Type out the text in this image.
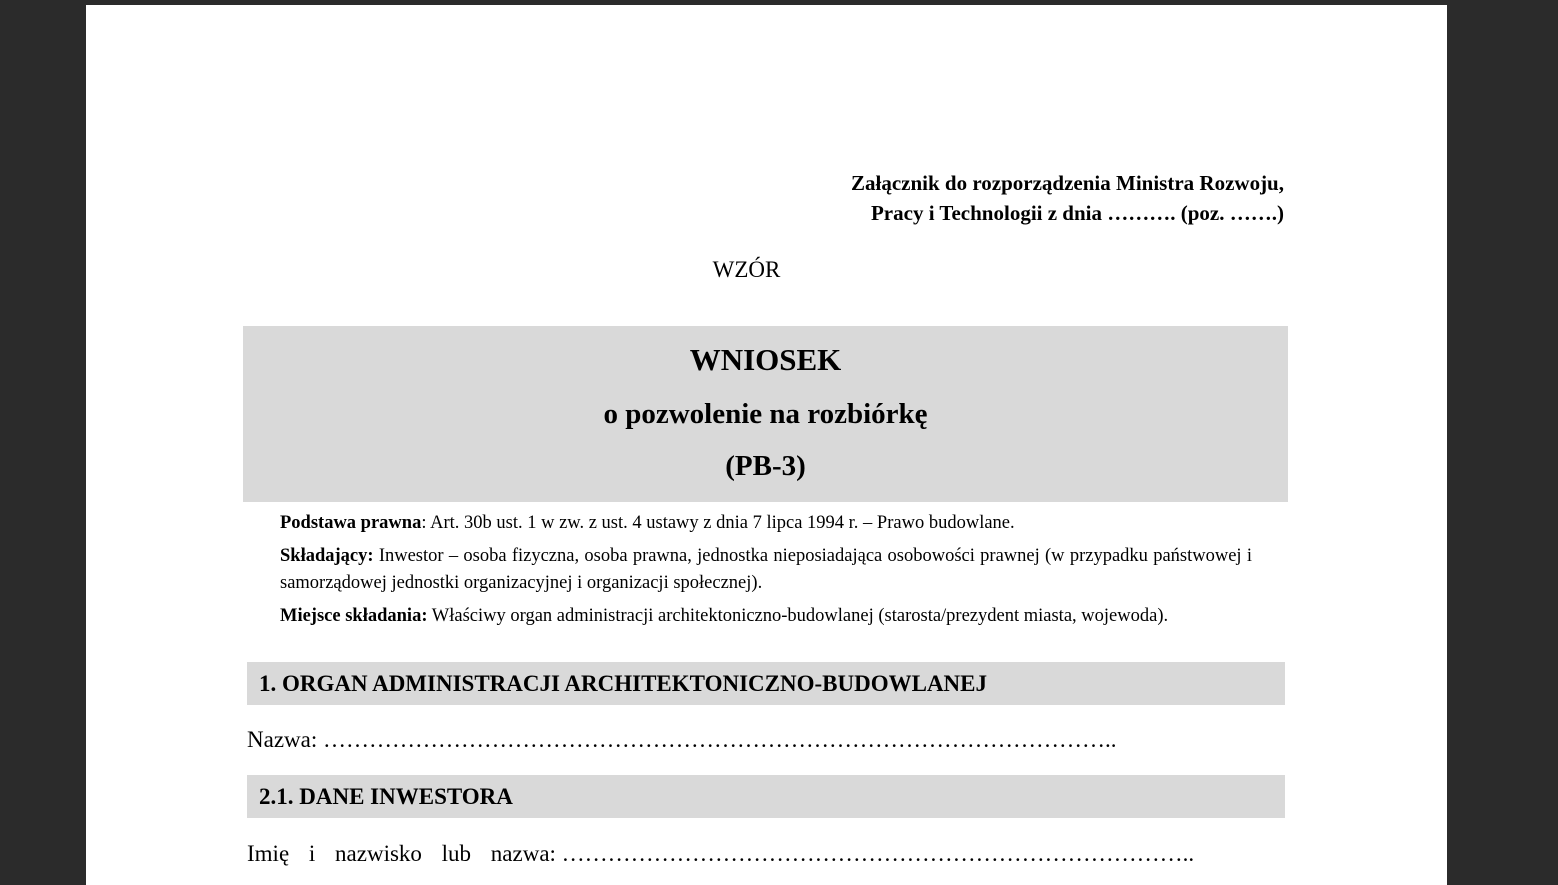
Załącznik do rozporządzenia Ministra Rozwoju,
Pracy i Technologii z dnia ………. (poz. …….)
WZÓR
WNIOSEK
o pozwolenie na rozbiórkę
(PB-3)
Podstawa prawna: Art. 30b ust. 1 w zw. z ust. 4 ustawy z dnia 7 lipca 1994 r. – Prawo budowlane.
Składający: Inwestor – osoba fizyczna, osoba prawna, jednostka nieposiadająca osobowości prawnej (w przypadku państwowej i samorządowej jednostki organizacyjnej i organizacji społecznej).
Miejsce składania: Właściwy organ administracji architektoniczno-budowlanej (starosta/prezydent miasta, wojewoda).
1. ORGAN ADMINISTRACJI ARCHITEKTONICZNO-BUDOWLANEJ
Nazwa: …………………………………………………………………………………………..
2.1. DANE INWESTORA
Imię i nazwisko lub nazwa: ………………………………………………………………………..
